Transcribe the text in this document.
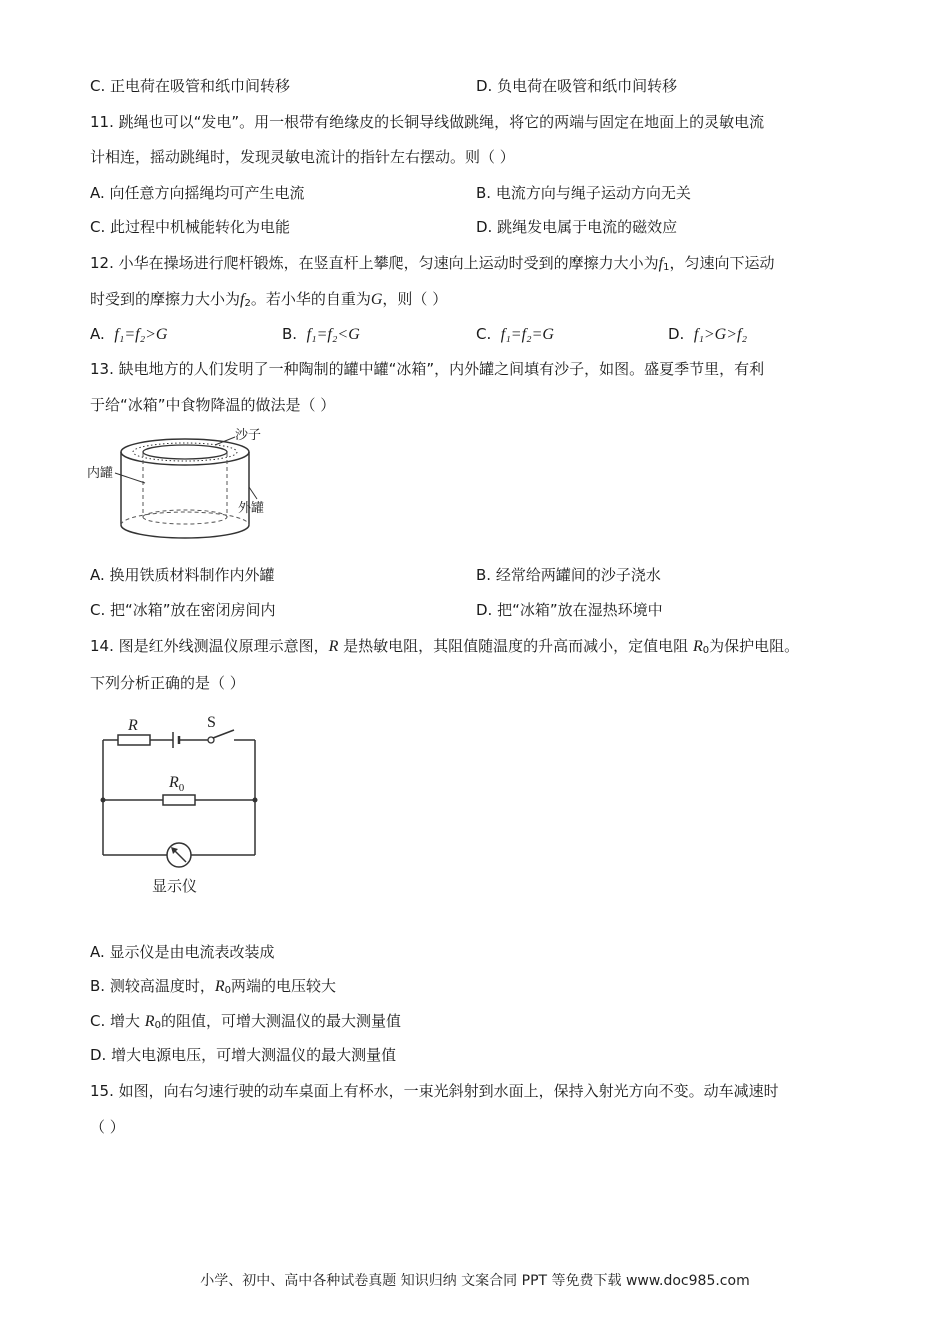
C. 正电荷在吸管和纸巾间转移	D. 负电荷在吸管和纸巾间转移
11. 跳绳也可以“发电”。用一根带有绝缘皮的长铜导线做跳绳，将它的两端与固定在地面上的灵敏电流
计相连，摇动跳绳时，发现灵敏电流计的指针左右摆动。则（ ）
A. 向任意方向摇绳均可产生电流	B. 电流方向与绳子运动方向无关
C. 此过程中机械能转化为电能	D. 跳绳发电属于电流的磁效应
12. 小华在操场进行爬杆锻炼，在竖直杆上攀爬，匀速向上运动时受到的摩擦力大小为$f_1$，匀速向下运动
时受到的摩擦力大小为$f_2$。若小华的自重为G，则（ ）
A. f₁=f₂>G	B. f₁=f₂<G	C. f₁=f₂=G	D. f₁>G>f₂
13. 缺电地方的人们发明了一种陶制的罐中罐“冰箱”，内外罐之间填有沙子，如图。盛夏季节里，有利
于给“冰箱”中食物降温的做法是（ ）
沙子
内罐
外罐
A. 换用铁质材料制作内外罐	B. 经常给两罐间的沙子浇水
C. 把“冰箱”放在密闭房间内	D. 把“冰箱”放在湿热环境中
14. 图是红外线测温仪原理示意图，R 是热敏电阻，其阻值随温度的升高而减小，定值电阻 $R_0$为保护电阻。
下列分析正确的是（ ）
R	S
$R_0$
显示仪
A. 显示仪是由电流表改装成
B. 测较高温度时，$R_0$两端的电压较大
C. 增大 $R_0$的阻值，可增大测温仪的最大测量值
D. 增大电源电压，可增大测温仪的最大测量值
15. 如图，向右匀速行驶的动车桌面上有杯水，一束光斜射到水面上，保持入射光方向不变。动车减速时
（ ）
小学、初中、高中各种试卷真题 知识归纳 文案合同 PPT 等免费下载 www.doc985.com
